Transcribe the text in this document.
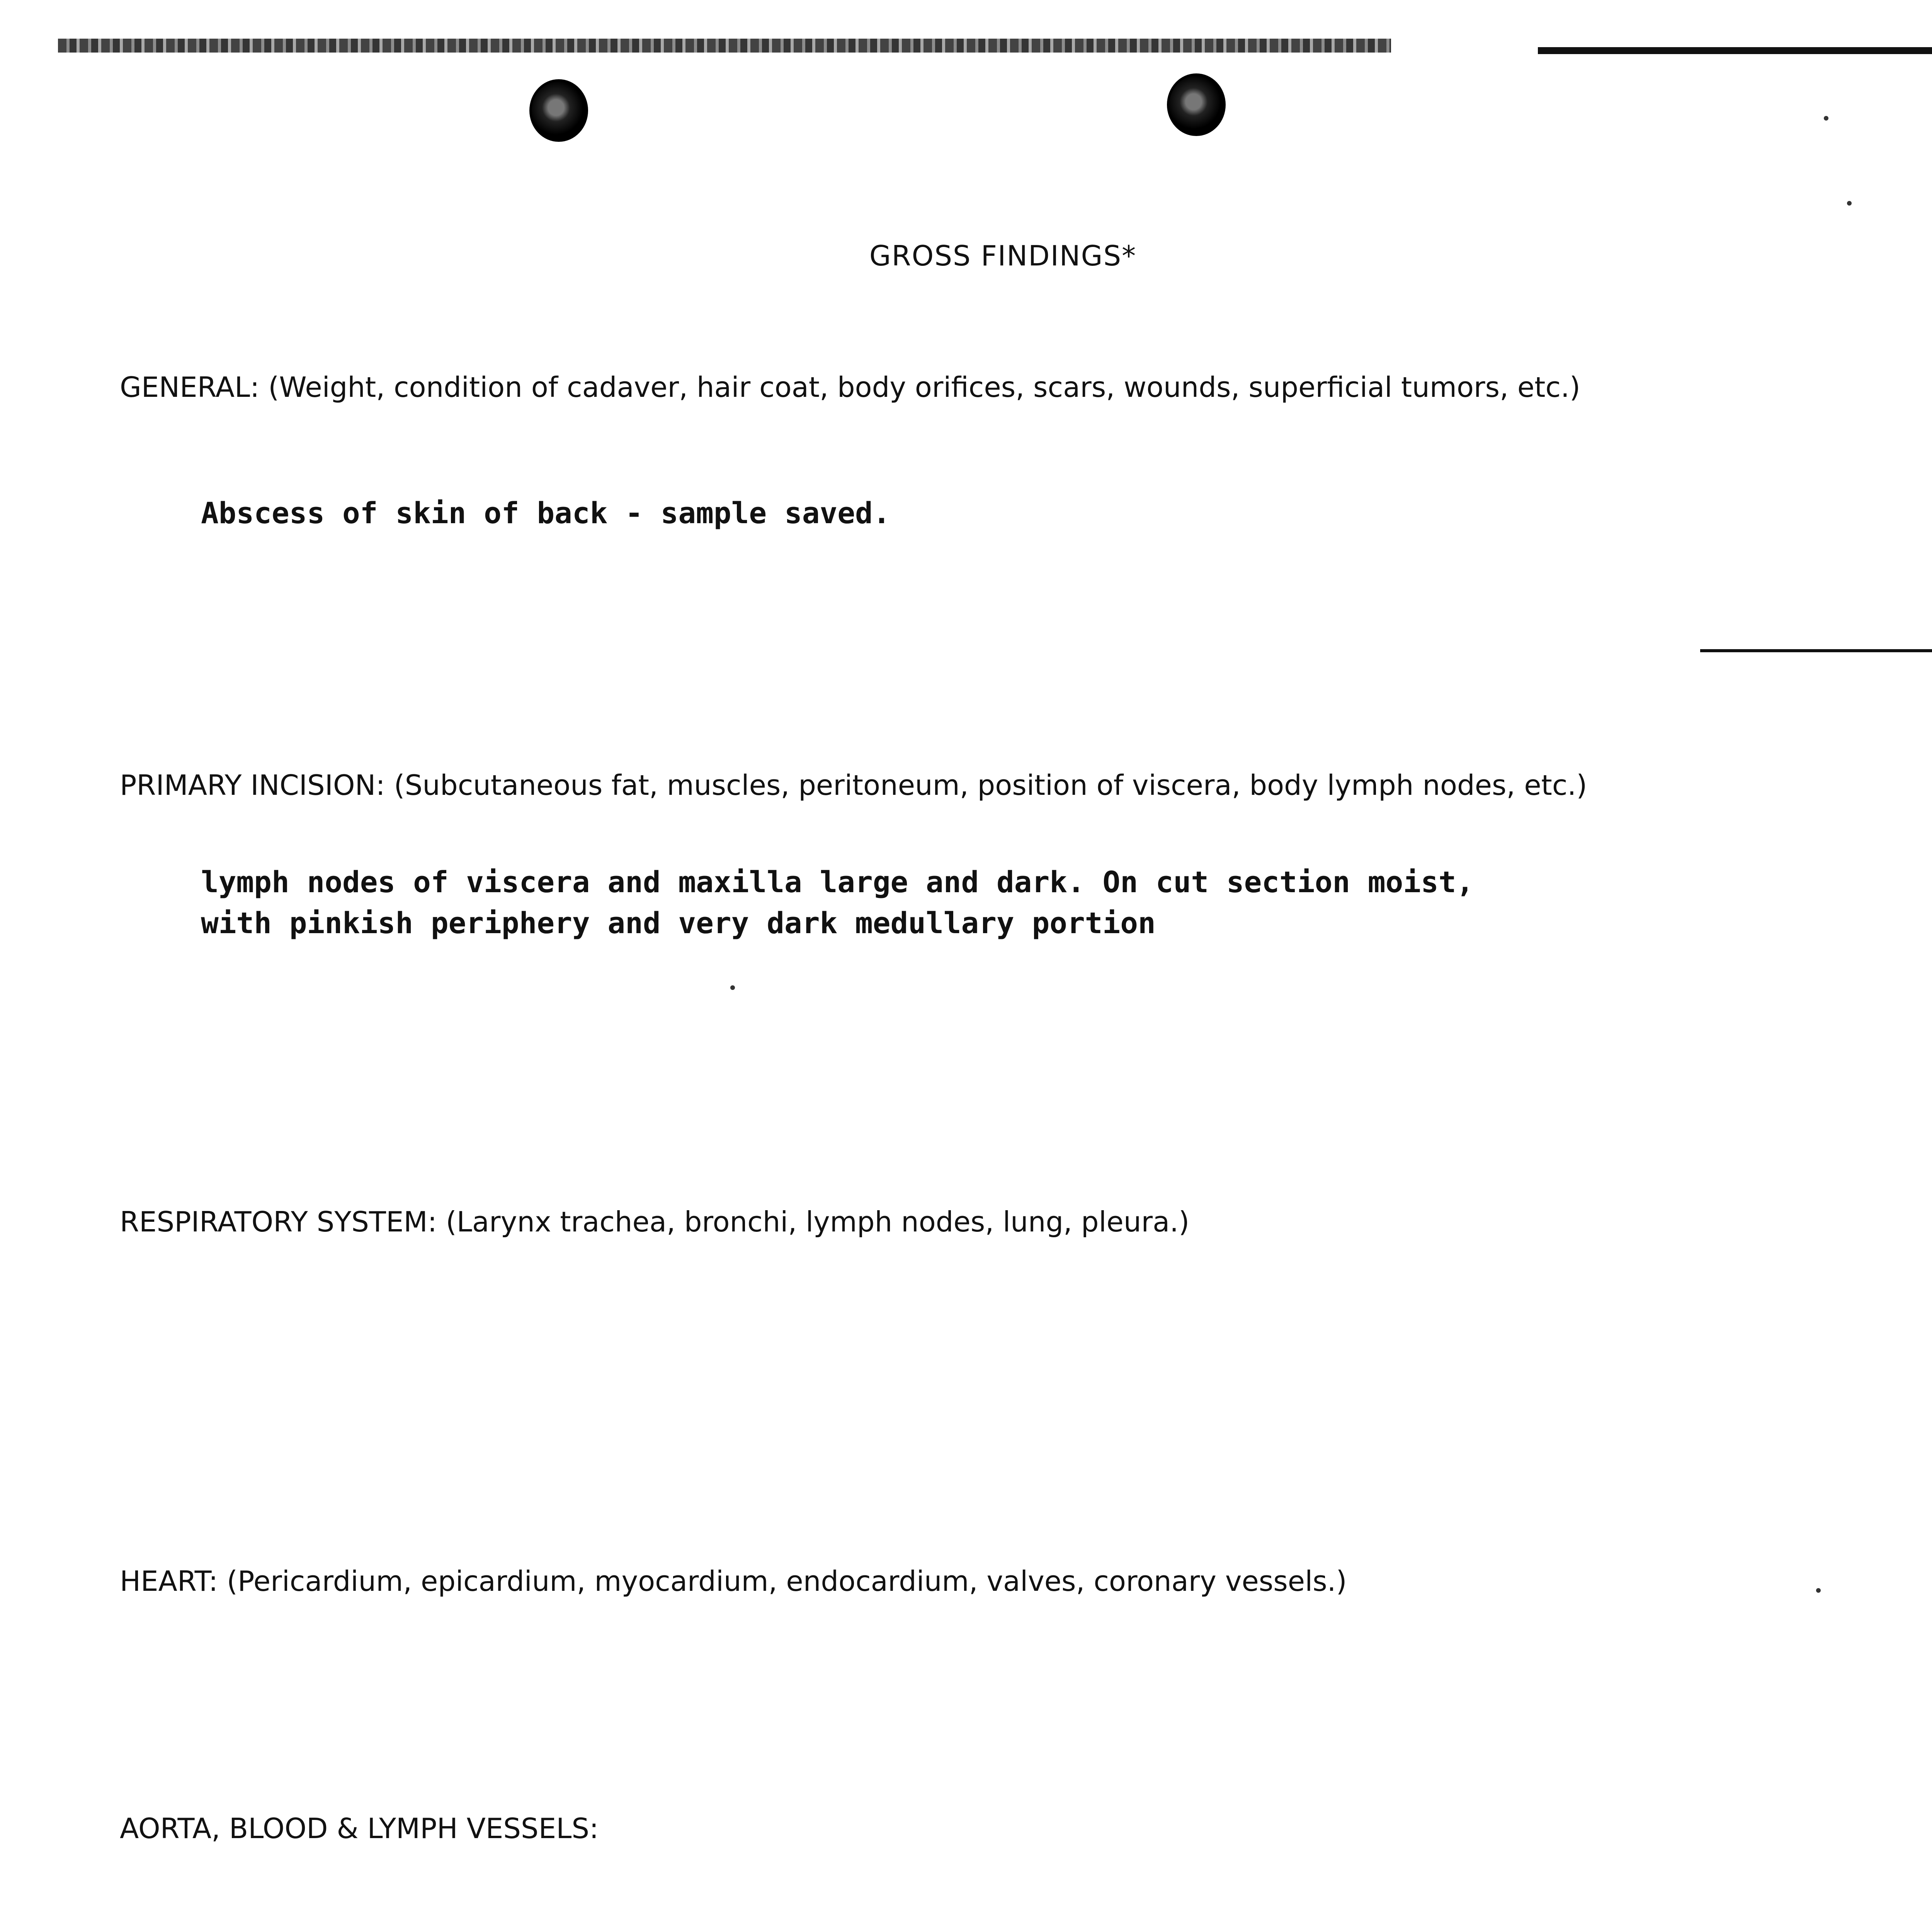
GROSS FINDINGS*
GENERAL: (Weight, condition of cadaver, hair coat, body orifices, scars, wounds, superficial tumors, etc.)
Abscess of skin of back - sample saved.
PRIMARY INCISION: (Subcutaneous fat, muscles, peritoneum, position of viscera, body lymph nodes, etc.)
lymph nodes of viscera and maxilla large and dark. On cut section moist,
with pinkish periphery and very dark medullary portion
RESPIRATORY SYSTEM: (Larynx trachea, bronchi, lymph nodes, lung, pleura.)
HEART: (Pericardium, epicardium, myocardium, endocardium, valves, coronary vessels.)
AORTA, BLOOD & LYMPH VESSELS:
